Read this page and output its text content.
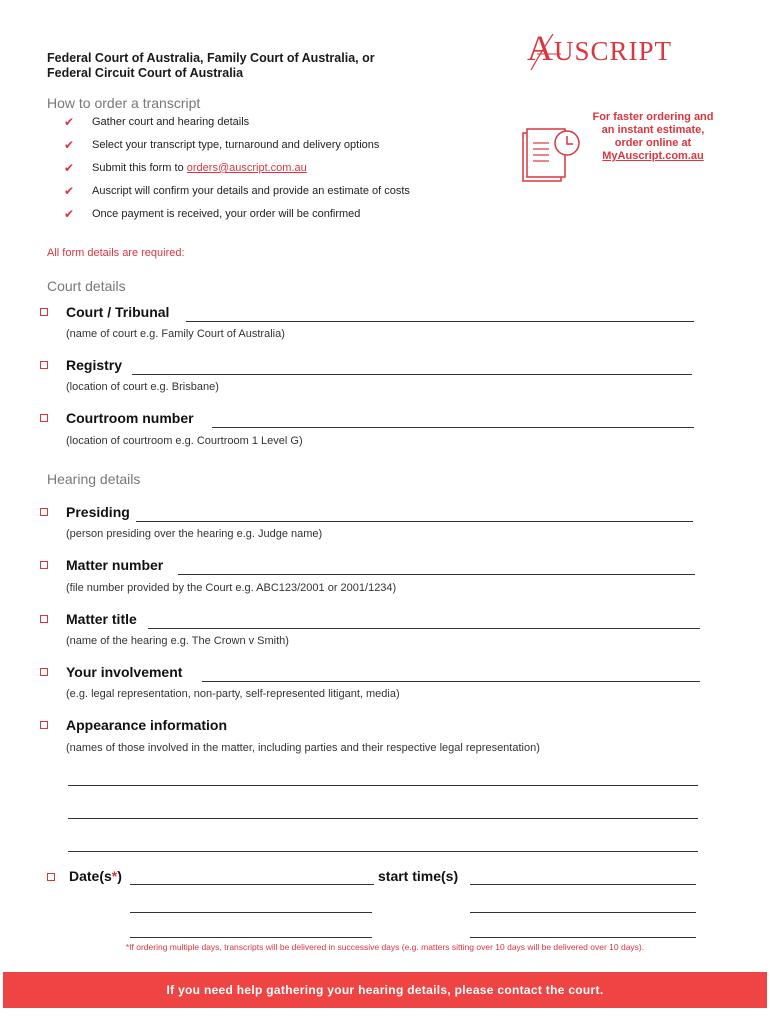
Federal Court of Australia, Family Court of Australia, or
Federal Circuit Court of Australia
AUSCRIPT
How to order a transcript
✔ Gather court and hearing details
✔ Select your transcript type, turnaround and delivery options
✔ Submit this form to orders@auscript.com.au
✔ Auscript will confirm your details and provide an estimate of costs
✔ Once payment is received, your order will be confirmed
For faster ordering and
an instant estimate,
order online at
MyAuscript.com.au
All form details are required:
Court details
Court / Tribunal
(name of court e.g. Family Court of Australia)
Registry
(location of court e.g. Brisbane)
Courtroom number
(location of courtroom e.g. Courtroom 1 Level G)
Hearing details
Presiding
(person presiding over the hearing e.g. Judge name)
Matter number
(file number provided by the Court e.g. ABC123/2001 or 2001/1234)
Matter title
(name of the hearing e.g. The Crown v Smith)
Your involvement
(e.g. legal representation, non-party, self-represented litigant, media)
Appearance information
(names of those involved in the matter, including parties and their respective legal representation)
Date(s*)	start time(s)
*If ordering multiple days, transcripts will be delivered in successive days (e.g. matters sitting over 10 days will be delivered over 10 days).
If you need help gathering your hearing details, please contact the court.
